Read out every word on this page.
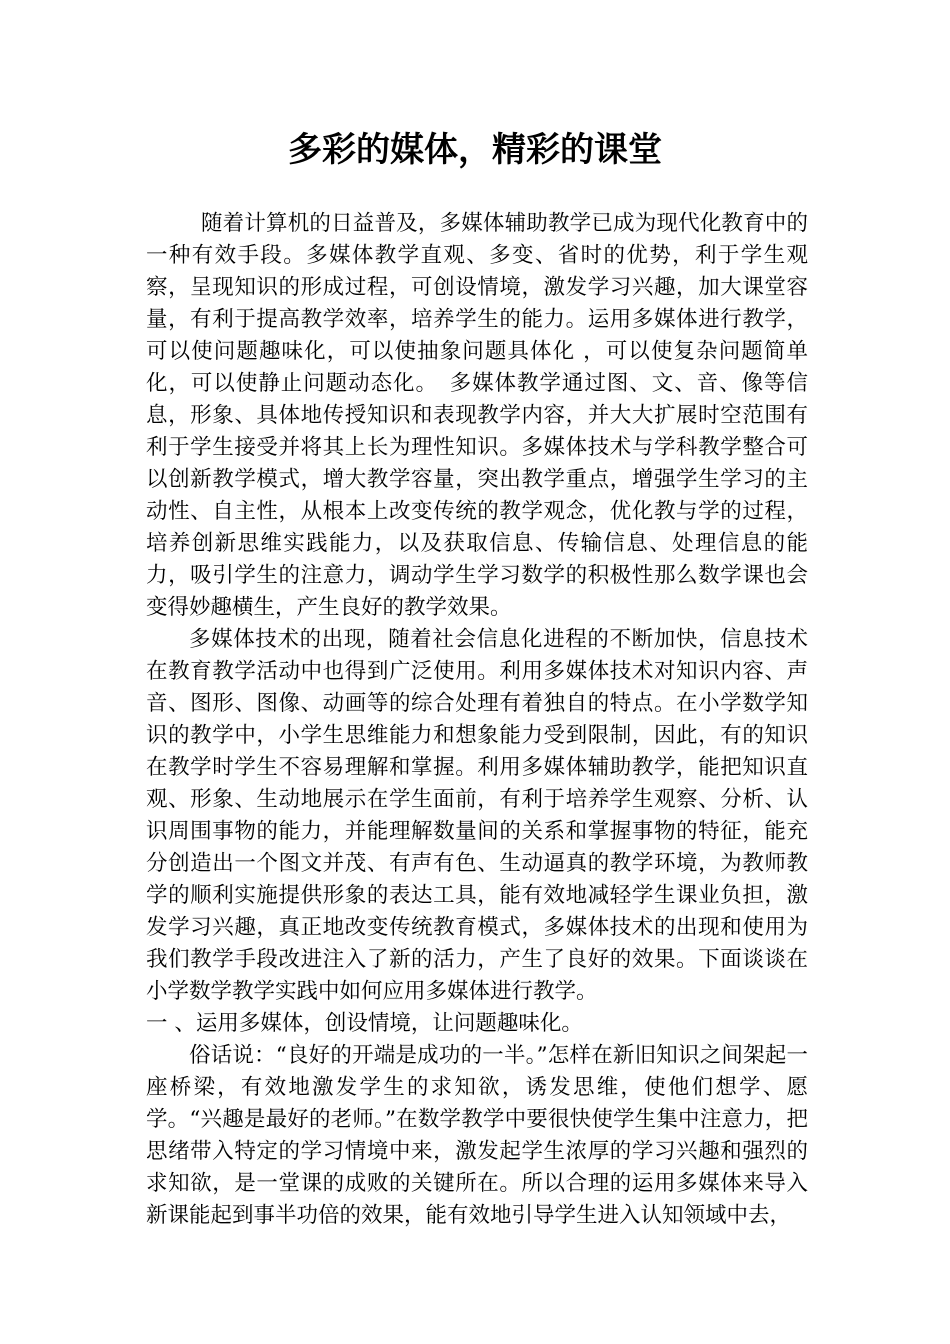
多彩的媒体，精彩的课堂

随着计算机的日益普及，多媒体辅助教学已成为现代化教育中的一种有效手段。多媒体教学直观、多变、省时的优势，利于学生观察，呈现知识的形成过程，可创设情境，激发学习兴趣，加大课堂容量，有利于提高教学效率，培养学生的能力。运用多媒体进行教学，可以使问题趣味化，可以使抽象问题具体化 ，可以使复杂问题简单化，可以使静止问题动态化。　多媒体教学通过图、文、音、像等信息，形象、具体地传授知识和表现教学内容，并大大扩展时空范围有利于学生接受并将其上长为理性知识。多媒体技术与学科教学整合可以创新教学模式，增大教学容量，突出教学重点，增强学生学习的主动性、自主性，从根本上改变传统的教学观念，优化教与学的过程，培养创新思维实践能力，以及获取信息、传输信息、处理信息的能力，吸引学生的注意力，调动学生学习数学的积极性那么数学课也会变得妙趣横生，产生良好的教学效果。

多媒体技术的出现，随着社会信息化进程的不断加快，信息技术在教育教学活动中也得到广泛使用。利用多媒体技术对知识内容、声音、图形、图像、动画等的综合处理有着独自的特点。在小学数学知识的教学中，小学生思维能力和想象能力受到限制，因此，有的知识在教学时学生不容易理解和掌握。利用多媒体辅助教学，能把知识直观、形象、生动地展示在学生面前，有利于培养学生观察、分析、认识周围事物的能力，并能理解数量间的关系和掌握事物的特征，能充分创造出一个图文并茂、有声有色、生动逼真的教学环境，为教师教学的顺利实施提供形象的表达工具，能有效地减轻学生课业负担，激发学习兴趣，真正地改变传统教育模式，多媒体技术的出现和使用为我们教学手段改进注入了新的活力，产生了良好的效果。下面谈谈在小学数学教学实践中如何应用多媒体进行教学。

一 、运用多媒体，创设情境，让问题趣味化。

俗话说：“良好的开端是成功的一半。”怎样在新旧知识之间架起一座桥梁，有效地激发学生的求知欲，诱发思维，使他们想学、愿学。“兴趣是最好的老师。”在数学教学中要很快使学生集中注意力，把思绪带入特定的学习情境中来，激发起学生浓厚的学习兴趣和强烈的求知欲，是一堂课的成败的关键所在。所以合理的运用多媒体来导入新课能起到事半功倍的效果，能有效地引导学生进入认知领域中去，
